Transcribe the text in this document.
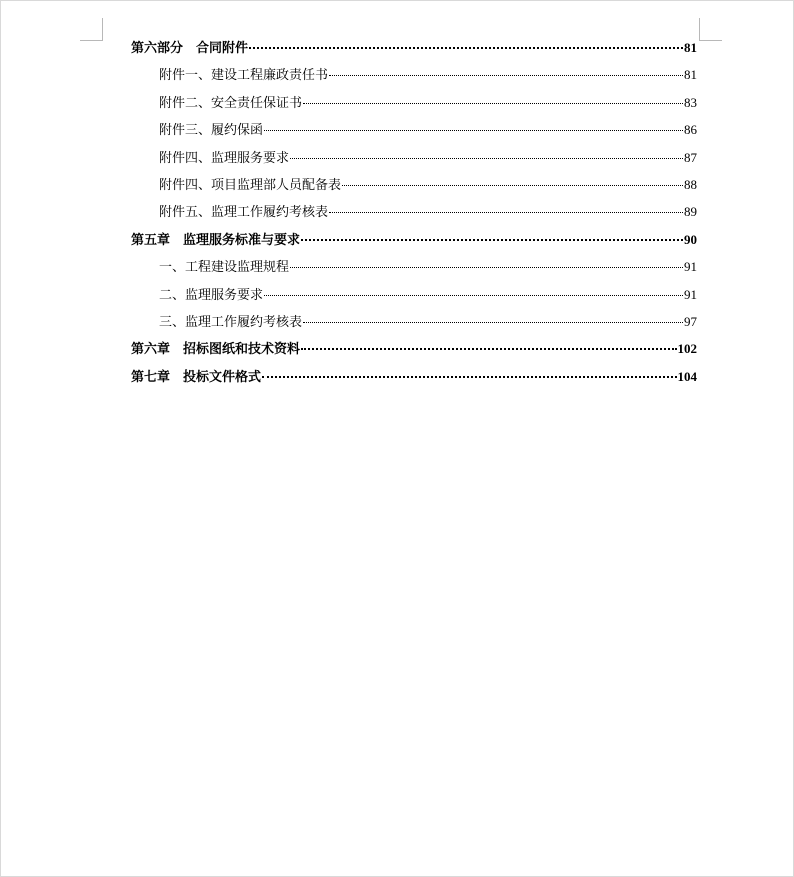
第六部分　合同附件	81
附件一、建设工程廉政责任书	81
附件二、安全责任保证书	83
附件三、履约保函	86
附件四、监理服务要求	87
附件四、项目监理部人员配备表	88
附件五、监理工作履约考核表	89
第五章　监理服务标准与要求	90
一、工程建设监理规程	91
二、监理服务要求	91
三、监理工作履约考核表	97
第六章　招标图纸和技术资料	102
第七章　投标文件格式	104
